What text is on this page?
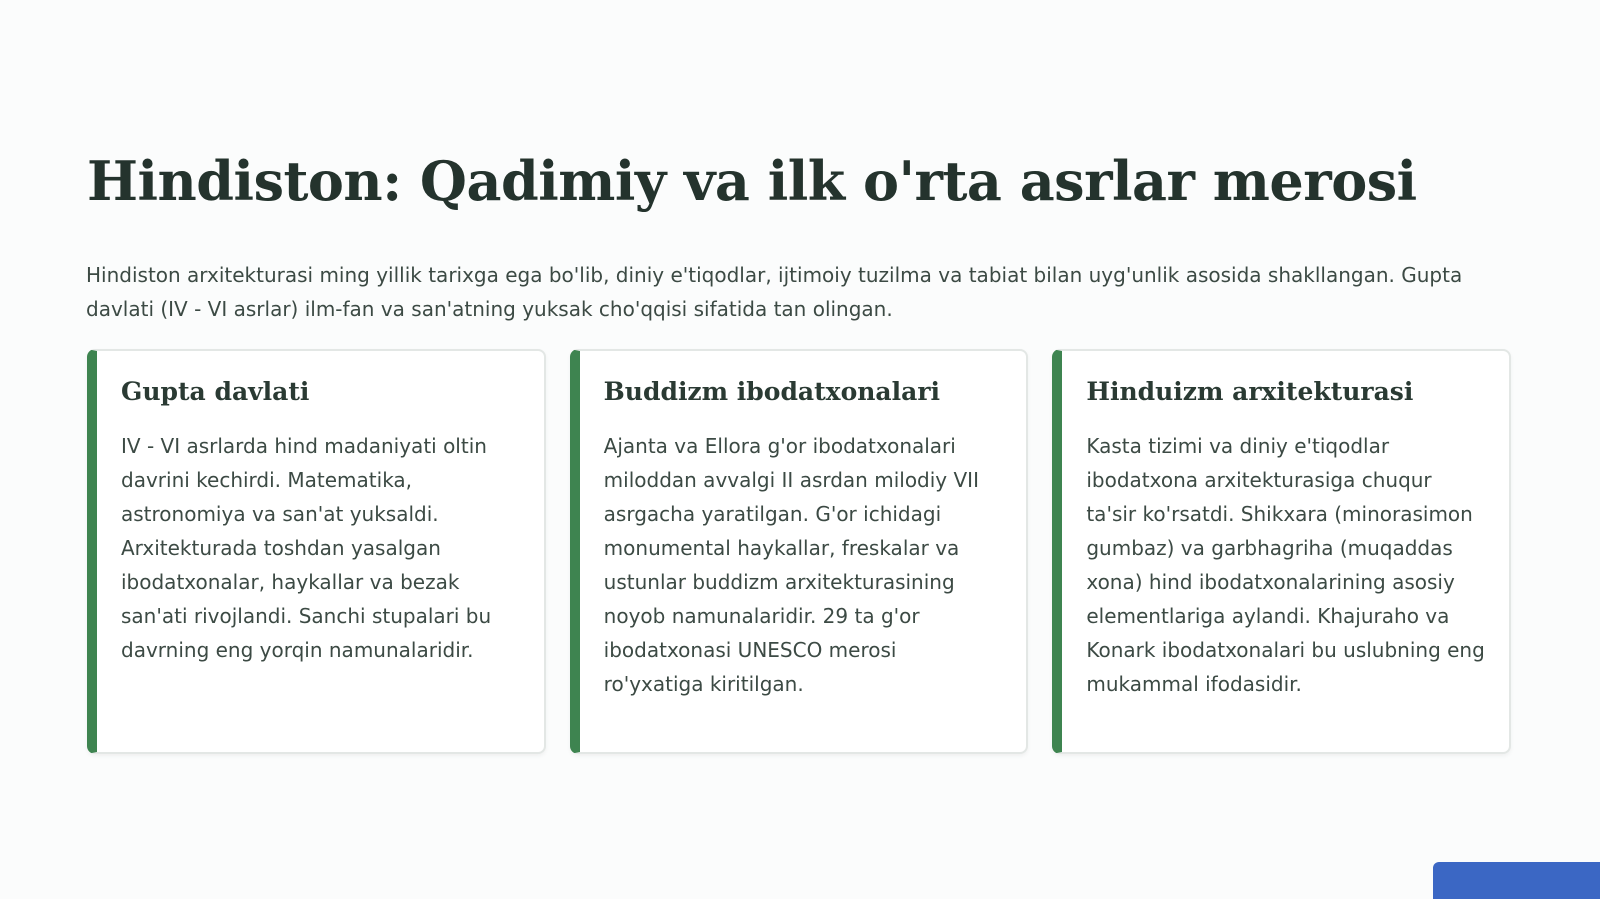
Hindiston: Qadimiy va ilk o'rta asrlar merosi

Hindiston arxitekturasi ming yillik tarixga ega bo'lib, diniy e'tiqodlar, ijtimoiy tuzilma va tabiat bilan uyg'unlik asosida shakllangan. Gupta davlati (IV - VI asrlar) ilm-fan va san'atning yuksak cho'qqisi sifatida tan olingan.

Gupta davlati

IV - VI asrlarda hind madaniyati oltin davrini kechirdi. Matematika, astronomiya va san'at yuksaldi. Arxitekturada toshdan yasalgan ibodatxonalar, haykallar va bezak san'ati rivojlandi. Sanchi stupalari bu davrning eng yorqin namunalaridir.

Buddizm ibodatxonalari

Ajanta va Ellora g'or ibodatxonalari miloddan avvalgi II asrdan milodiy VII asrgacha yaratilgan. G'or ichidagi monumental haykallar, freskalar va ustunlar buddizm arxitekturasining noyob namunalaridir. 29 ta g'or ibodatxonasi UNESCO merosi ro'yxatiga kiritilgan.

Hinduizm arxitekturasi

Kasta tizimi va diniy e'tiqodlar ibodatxona arxitekturasiga chuqur ta'sir ko'rsatdi. Shikxara (minorasimon gumbaz) va garbhagriha (muqaddas xona) hind ibodatxonalarining asosiy elementlariga aylandi. Khajuraho va Konark ibodatxonalari bu uslubning eng mukammal ifodasidir.
